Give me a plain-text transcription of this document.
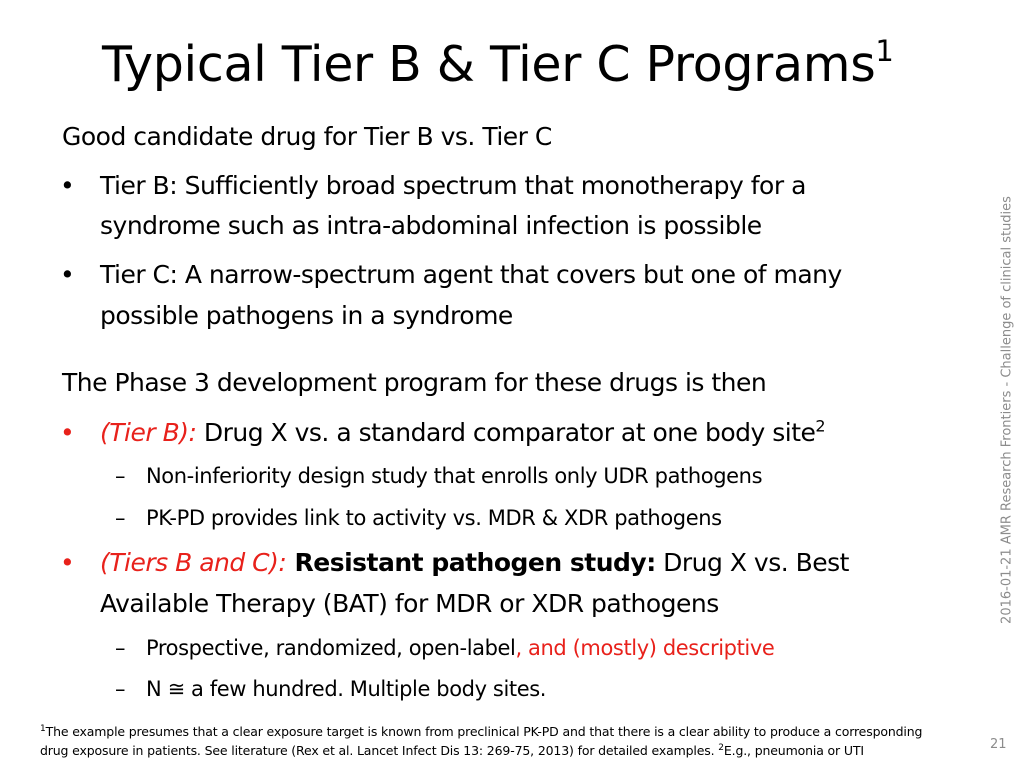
Typical Tier B & Tier C Programs$^1$
Good candidate drug for Tier B vs. Tier C
• Tier B: Sufficiently broad spectrum that monotherapy for a
syndrome such as intra-abdominal infection is possible
• Tier C: A narrow-spectrum agent that covers but one of many
possible pathogens in a syndrome
The Phase 3 development program for these drugs is then
• (Tier B): Drug X vs. a standard comparator at one body site$^2$
– Non-inferiority design study that enrolls only UDR pathogens
– PK-PD provides link to activity vs. MDR & XDR pathogens
• (Tiers B and C): Resistant pathogen study: Drug X vs. Best
Available Therapy (BAT) for MDR or XDR pathogens
– Prospective, randomized, open-label, and (mostly) descriptive
– N ≅ a few hundred. Multiple body sites.
$^1$The example presumes that a clear exposure target is known from preclinical PK-PD and that there is a clear ability to produce a corresponding
drug exposure in patients. See literature (Rex et al. Lancet Infect Dis 13: 269-75, 2013) for detailed examples. $^2$E.g., pneumonia or UTI
2016-01-21 AMR Research Frontiers - Challenge of clinical studies
21
